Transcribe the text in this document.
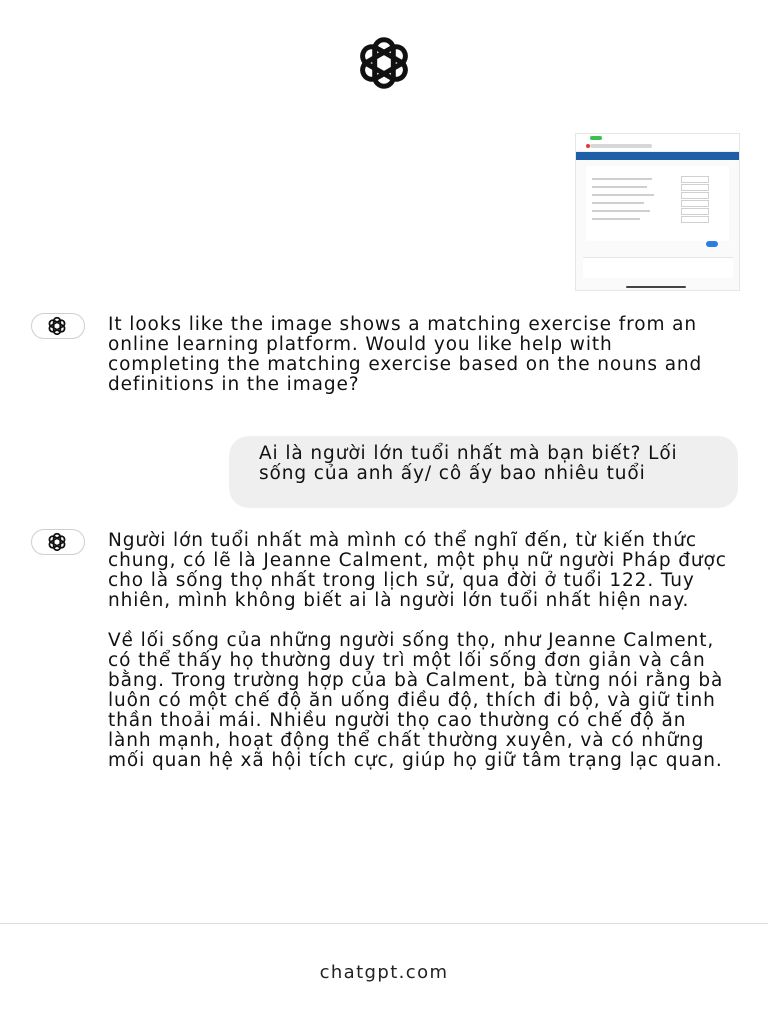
It looks like the image shows a matching exercise from an online learning platform. Would you like help with completing the matching exercise based on the nouns and definitions in the image?

Ai là người lớn tuổi nhất mà bạn biết? Lối sống của anh ấy/ cô ấy bao nhiêu tuổi

Người lớn tuổi nhất mà mình có thể nghĩ đến, từ kiến thức chung, có lẽ là Jeanne Calment, một phụ nữ người Pháp được cho là sống thọ nhất trong lịch sử, qua đời ở tuổi 122. Tuy nhiên, mình không biết ai là người lớn tuổi nhất hiện nay.

Về lối sống của những người sống thọ, như Jeanne Calment, có thể thấy họ thường duy trì một lối sống đơn giản và cân bằng. Trong trường hợp của bà Calment, bà từng nói rằng bà luôn có một chế độ ăn uống điều độ, thích đi bộ, và giữ tinh thần thoải mái. Nhiều người thọ cao thường có chế độ ăn lành mạnh, hoạt động thể chất thường xuyên, và có những mối quan hệ xã hội tích cực, giúp họ giữ tâm trạng lạc quan.

chatgpt.com
